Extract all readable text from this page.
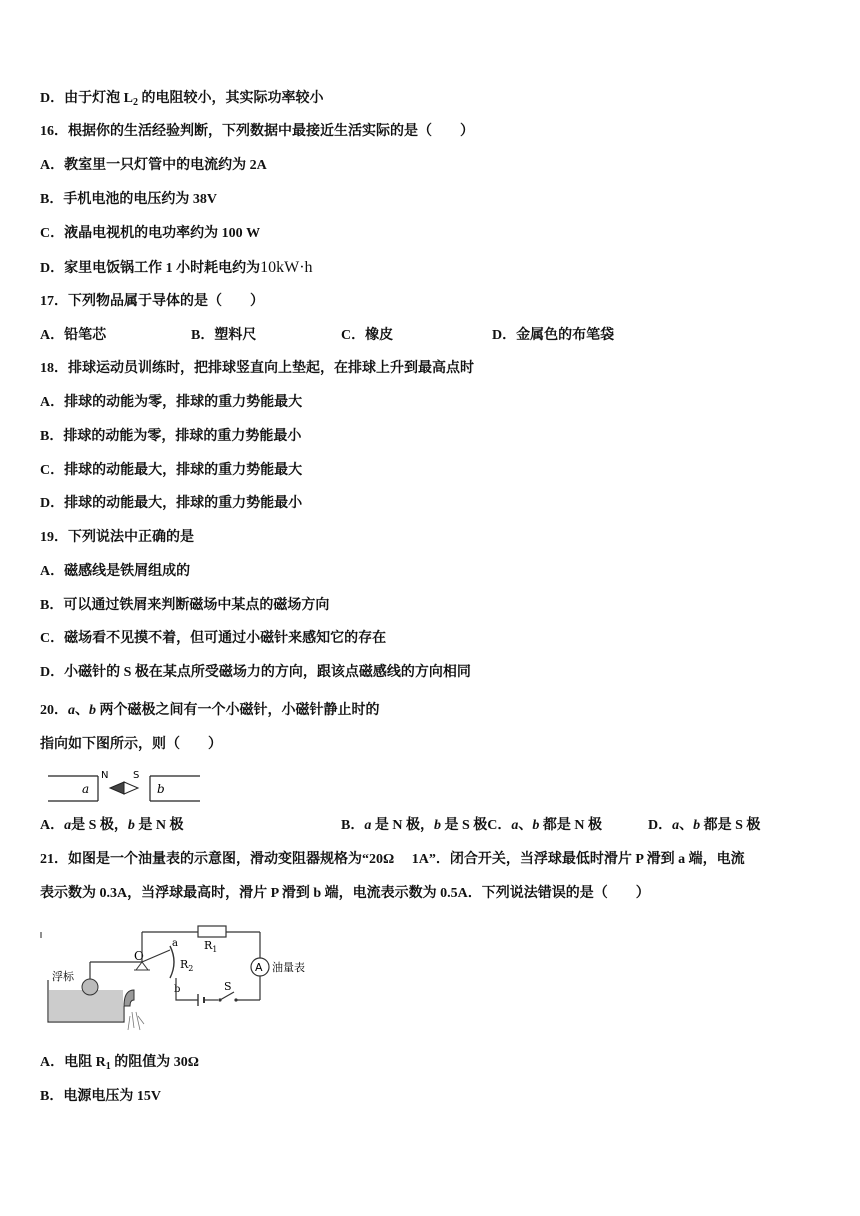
D．由于灯泡 $L_2$ 的电阻较小，其实际功率较小
16．根据你的生活经验判断，下列数据中最接近生活实际的是（　　）
A．教室里一只灯管中的电流约为 2A
B．手机电池的电压约为 38V
C．液晶电视机的电功率约为 100 W
D．家里电饭锅工作 1 小时耗电约为10kW·h
17．下列物品属于导体的是（　　）
A．铅笔芯	B．塑料尺	C．橡皮	D．金属色的布笔袋
18．排球运动员训练时，把排球竖直向上垫起，在排球上升到最高点时
A．排球的动能为零，排球的重力势能最大
B．排球的动能为零，排球的重力势能最小
C．排球的动能最大，排球的重力势能最大
D．排球的动能最大，排球的重力势能最小
19．下列说法中正确的是
A．磁感线是铁屑组成的
B．可以通过铁屑来判断磁场中某点的磁场方向
C．磁场看不见摸不着，但可通过小磁针来感知它的存在
D．小磁针的 S 极在某点所受磁场力的方向，跟该点磁感线的方向相同
20．a、b 两个磁极之间有一个小磁针，小磁针静止时的
指向如下图所示，则（　　）
a	b
N S
A．a是 S 极，b 是 N 极	B．a 是 N 极，b 是 S 极C．a、b 都是 N 极	D．a、b 都是 S 极
21．如图是一个油量表的示意图，滑动变阻器规格为“20Ω　 1A”．闭合开关，当浮球最低时滑片 P 滑到 a 端，电流
表示数为 0.3A，当浮球最高时，滑片 P 滑到 b 端，电流表示数为 0.5A．下列说法错误的是（　　）
浮标
O
$R_1$
a
b
$R_2$
S
A 油量表
A．电阻 $R_1$ 的阻值为 30Ω
B．电源电压为 15V
